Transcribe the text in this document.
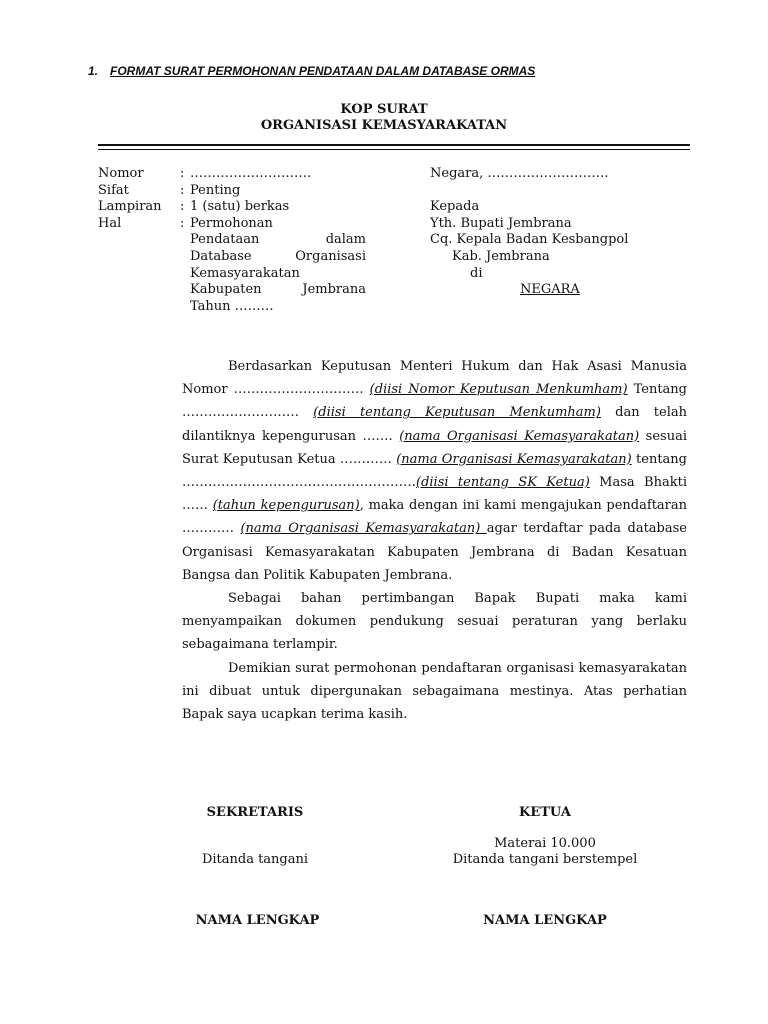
1. FORMAT SURAT PERMOHONAN PENDATAAN DALAM DATABASE ORMAS
KOP SURAT
ORGANISASI KEMASYARAKATAN
Nomor	: ……………………….
Sifat	: Penting
Lampiran	: 1 (satu) berkas
Hal	: Permohonan
Pendataan dalam
Database Organisasi
Kemasyarakatan
Kabupaten Jembrana
Tahun ………
Negara, ……………………….
Kepada
Yth. Bupati Jembrana
Cq. Kepala Badan Kesbangpol
Kab. Jembrana
di
NEGARA

Berdasarkan Keputusan Menteri Hukum dan Hak Asasi Manusia Nomor ………………………… (diisi Nomor Keputusan Menkumham) Tentang ……………………… (diisi tentang Keputusan Menkumham) dan telah dilantiknya kepengurusan ……. (nama Organisasi Kemasyarakatan) sesuai Surat Keputusan Ketua ………… (nama Organisasi Kemasyarakatan) tentang ………………………………………………(diisi tentang SK Ketua) Masa Bhakti …… (tahun kepengurusan), maka dengan ini kami mengajukan pendaftaran ………… (nama Organisasi Kemasyarakatan) agar terdaftar pada database Organisasi Kemasyarakatan Kabupaten Jembrana di Badan Kesatuan Bangsa dan Politik Kabupaten Jembrana.

Sebagai bahan pertimbangan Bapak Bupati maka kami menyampaikan dokumen pendukung sesuai peraturan yang berlaku sebagaimana terlampir.

Demikian surat permohonan pendaftaran organisasi kemasyarakatan ini dibuat untuk dipergunakan sebagaimana mestinya. Atas perhatian Bapak saya ucapkan terima kasih.

SEKRETARIS
Ditanda tangani
NAMA LENGKAP
KETUA
Materai 10.000
Ditanda tangani berstempel
NAMA LENGKAP
